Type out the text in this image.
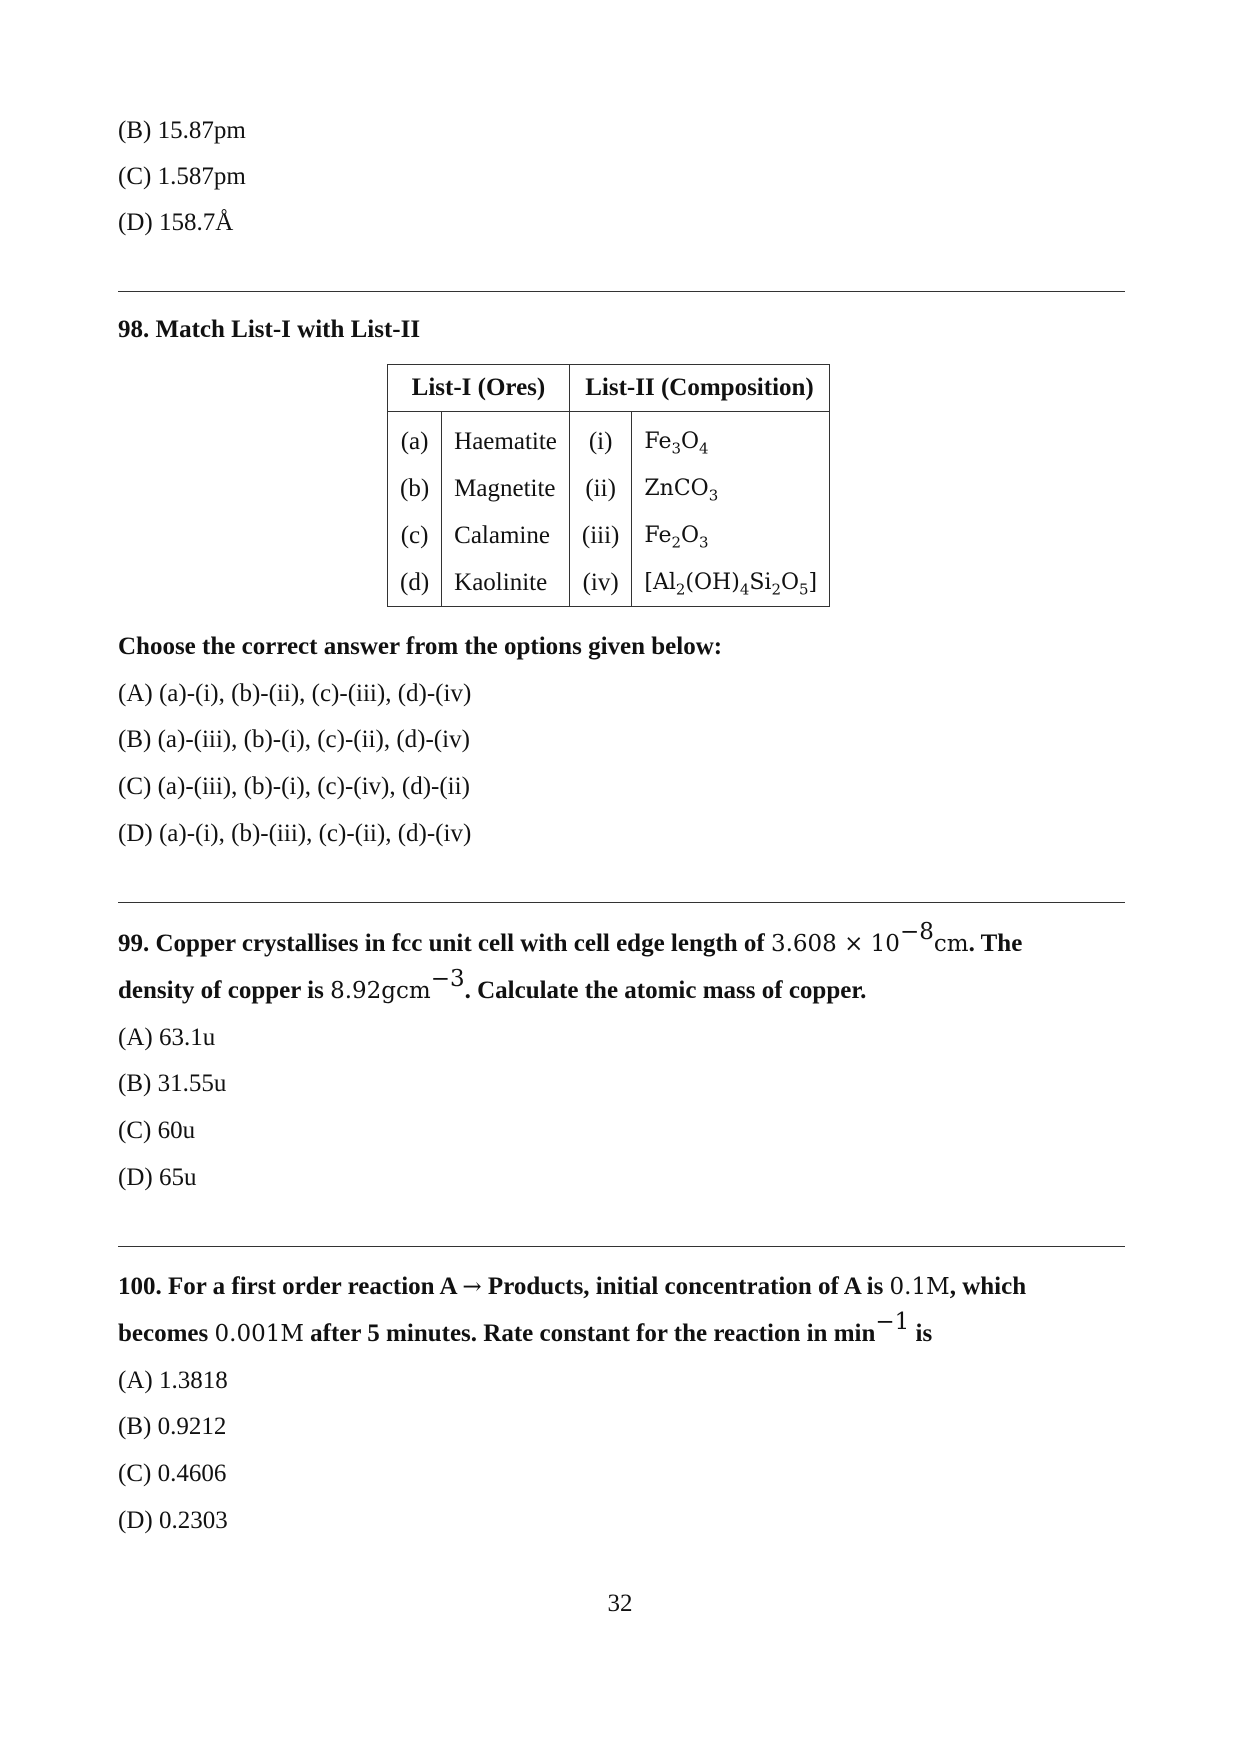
(B) 15.87pm
(C) 1.587pm
(D) 158.7Å
98. Match List-I with List-II
List-I (Ores)		List-II (Composition)	
(a)	Haematite	(i)	$Fe_3O_4$
(b)	Magnetite	(ii)	ZnCO$_3$
(c)	Calamine	(iii)	$Fe_2O_3$
(d)	Kaolinite	(iv)	$[Al_2(OH)_4Si_2O_5]$
Choose the correct answer from the options given below:
(A) (a)-(i), (b)-(ii), (c)-(iii), (d)-(iv)
(B) (a)-(iii), (b)-(i), (c)-(ii), (d)-(iv)
(C) (a)-(iii), (b)-(i), (c)-(iv), (d)-(ii)
(D) (a)-(i), (b)-(iii), (c)-(ii), (d)-(iv)
99. Copper crystallises in fcc unit cell with cell edge length of $3.608 \times 10^{-8}cm$. The
density of copper is 8.92gcm$^{-3}$. Calculate the atomic mass of copper.
(A) 63.1u
(B) 31.55u
(C) 60u
(D) 65u
100. For a first order reaction A → Products, initial concentration of A is 0.1M, which
becomes 0.001M after 5 minutes. Rate constant for the reaction in $\min^{-1}$ is
(A) 1.3818
(B) 0.9212
(C) 0.4606
(D) 0.2303
32
